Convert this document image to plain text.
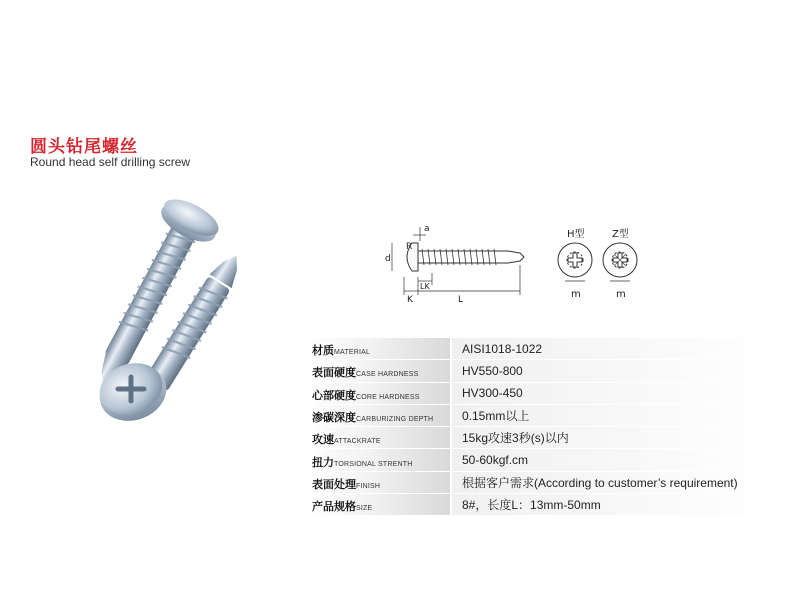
圆头钻尾螺丝
Round head self drilling screw
a
R
d
K
LK
L
H型
m
Z型
m
材质MATERIAL	AISI1018-1022
表面硬度CASE HARDNESS	HV550-800
心部硬度CORE HARDNESS	HV300-450
渗碳深度CARBURIZING DEPTH	0.15mm以上
攻速ATTACKRATE	15kg攻速3秒(s)以内
扭力TORSIONAL STRENTH	50-60kgf.cm
表面处理FINISH	根据客户需求(According to customer’s requirement)
产品规格SIZE	8#，长度L：13mm-50mm
